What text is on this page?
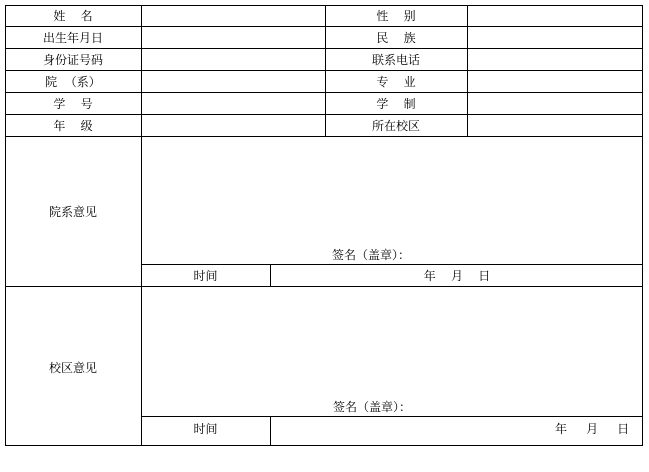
姓    名	性    别
出生年月日	民    族
身份证号码	联系电话
院  （系）	专    业
学    号	学    制
年    级	所在校区
院系意见
签名（盖章）：
时间	年    月    日
校区意见
签名（盖章）：
时间	年     月     日
